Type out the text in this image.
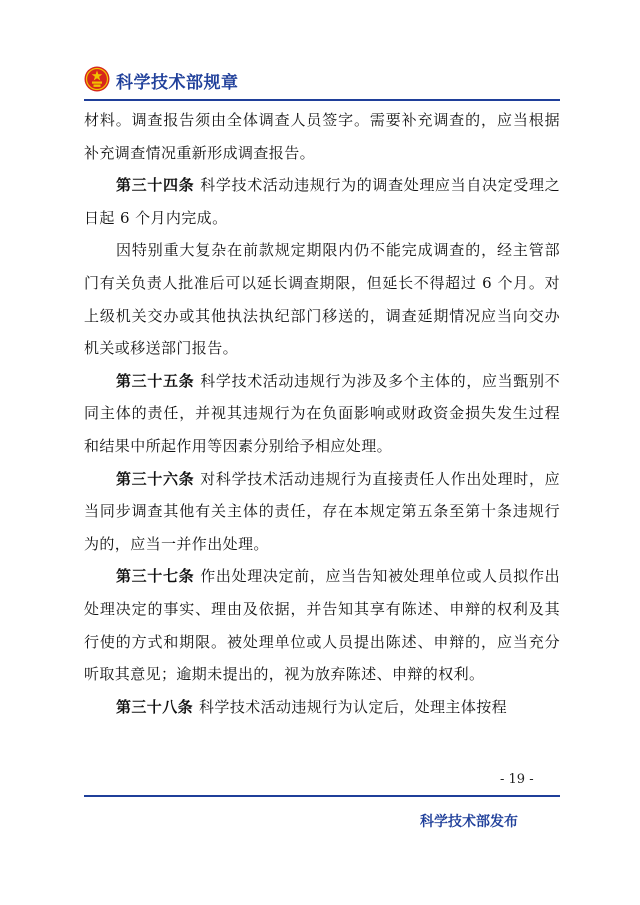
科学技术部规章

材料。调查报告须由全体调查人员签字。需要补充调查的，应当根据补充调查情况重新形成调查报告。

第三十四条 科学技术活动违规行为的调查处理应当自决定受理之日起 6 个月内完成。

因特别重大复杂在前款规定期限内仍不能完成调查的，经主管部门有关负责人批准后可以延长调查期限，但延长不得超过 6 个月。对上级机关交办或其他执法执纪部门移送的，调查延期情况应当向交办机关或移送部门报告。

第三十五条 科学技术活动违规行为涉及多个主体的，应当甄别不同主体的责任，并视其违规行为在负面影响或财政资金损失发生过程和结果中所起作用等因素分别给予相应处理。

第三十六条 对科学技术活动违规行为直接责任人作出处理时，应当同步调查其他有关主体的责任，存在本规定第五条至第十条违规行为的，应当一并作出处理。

第三十七条 作出处理决定前，应当告知被处理单位或人员拟作出处理决定的事实、理由及依据，并告知其享有陈述、申辩的权利及其行使的方式和期限。被处理单位或人员提出陈述、申辩的，应当充分听取其意见；逾期未提出的，视为放弃陈述、申辩的权利。

第三十八条 科学技术活动违规行为认定后，处理主体按程

- 19 -
科学技术部发布
